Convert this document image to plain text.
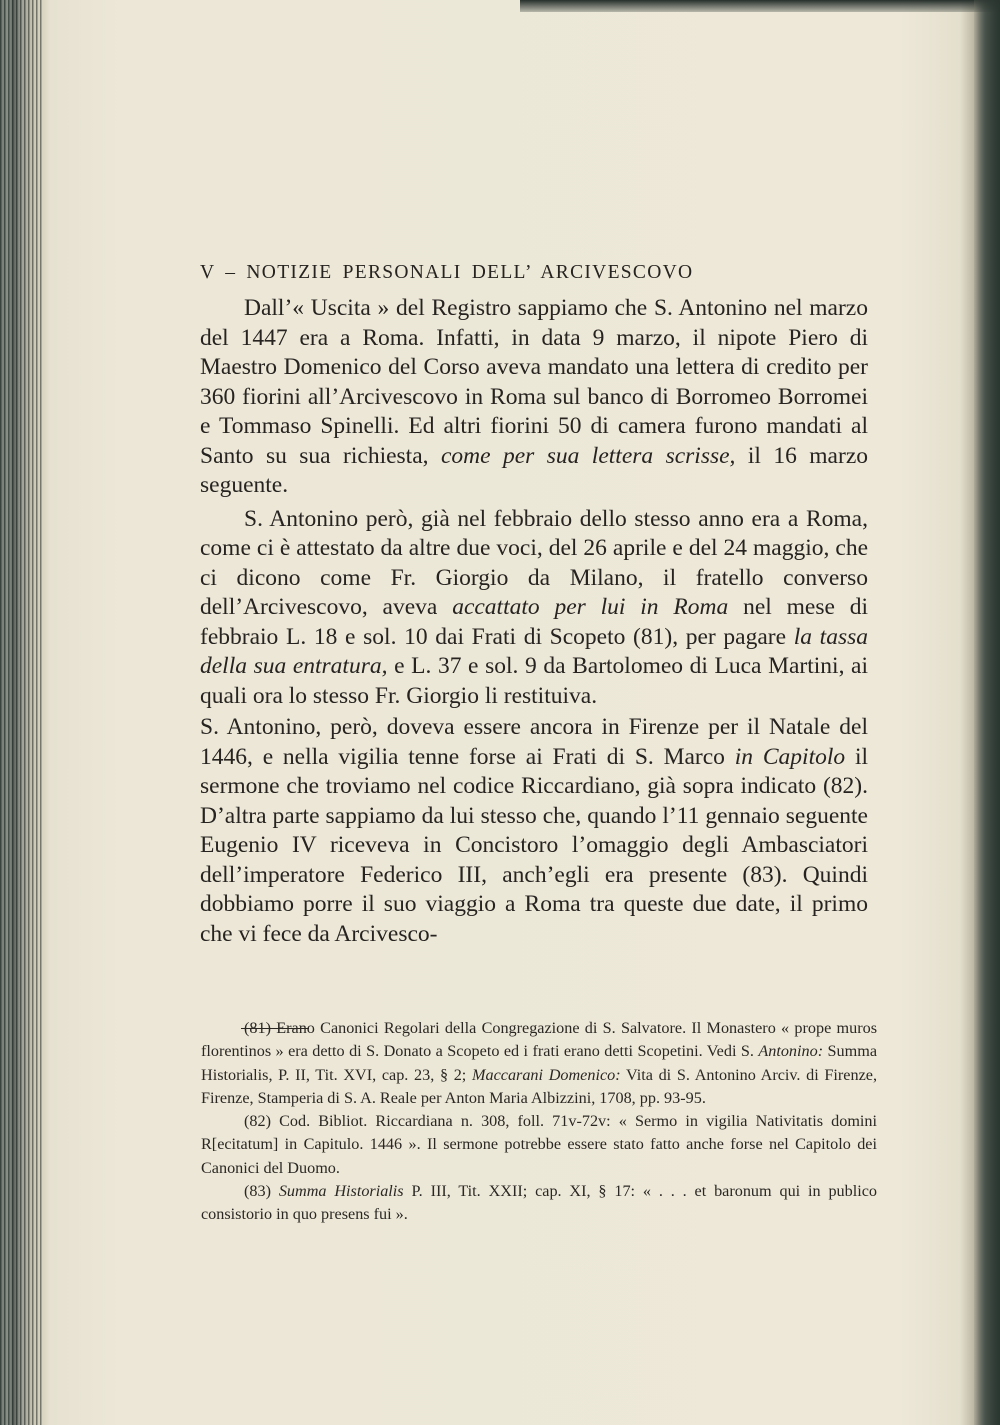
V – NOTIZIE PERSONALI DELL’ ARCIVESCOVO

Dall’« Uscita » del Registro sappiamo che S. Antonino nel marzo del 1447 era a Roma. Infatti, in data 9 marzo, il nipote Piero di Maestro Domenico del Corso aveva mandato una lettera di credito per 360 fiorini all’Arcivescovo in Roma sul banco di Borromeo Borromei e Tommaso Spinelli. Ed altri fiorini 50 di camera furono mandati al Santo su sua richiesta, come per sua lettera scrisse, il 16 marzo seguente.

S. Antonino però, già nel febbraio dello stesso anno era a Roma, come ci è attestato da altre due voci, del 26 aprile e del 24 maggio, che ci dicono come Fr. Giorgio da Milano, il fratello converso dell’Arcivescovo, aveva accattato per lui in Roma nel mese di febbraio L. 18 e sol. 10 dai Frati di Scopeto (81), per pagare la tassa della sua entratura, e L. 37 e sol. 9 da Bartolomeo di Luca Martini, ai quali ora lo stesso Fr. Giorgio li restituiva.

S. Antonino, però, doveva essere ancora in Firenze per il Natale del 1446, e nella vigilia tenne forse ai Frati di S. Marco in Capitolo il sermone che troviamo nel codice Riccardiano, già sopra indicato (82). D’altra parte sappiamo da lui stesso che, quando l’11 gennaio seguente Eugenio IV riceveva in Concistoro l’omaggio degli Ambasciatori dell’imperatore Federico III, anch’egli era presente (83). Quindi dobbiamo porre il suo viaggio a Roma tra queste due date, il primo che vi fece da Arcivesco-

(81) Erano Canonici Regolari della Congregazione di S. Salvatore. Il Monastero « prope muros florentinos » era detto di S. Donato a Scopeto ed i frati erano detti Scopetini. Vedi S. Antonino: Summa Historialis, P. II, Tit. XVI, cap. 23, § 2; Maccarani Domenico: Vita di S. Antonino Arciv. di Firenze, Firenze, Stamperia di S. A. Reale per Anton Maria Albizzini, 1708, pp. 93-95.

(82) Cod. Bibliot. Riccardiana n. 308, foll. 71v-72v: « Sermo in vigilia Nativitatis domini R[ecitatum] in Capitulo. 1446 ». Il sermone potrebbe essere stato fatto anche forse nel Capitolo dei Canonici del Duomo.

(83) Summa Historialis P. III, Tit. XXII; cap. XI, § 17: « . . . et baronum qui in publico consistorio in quo presens fui ».
